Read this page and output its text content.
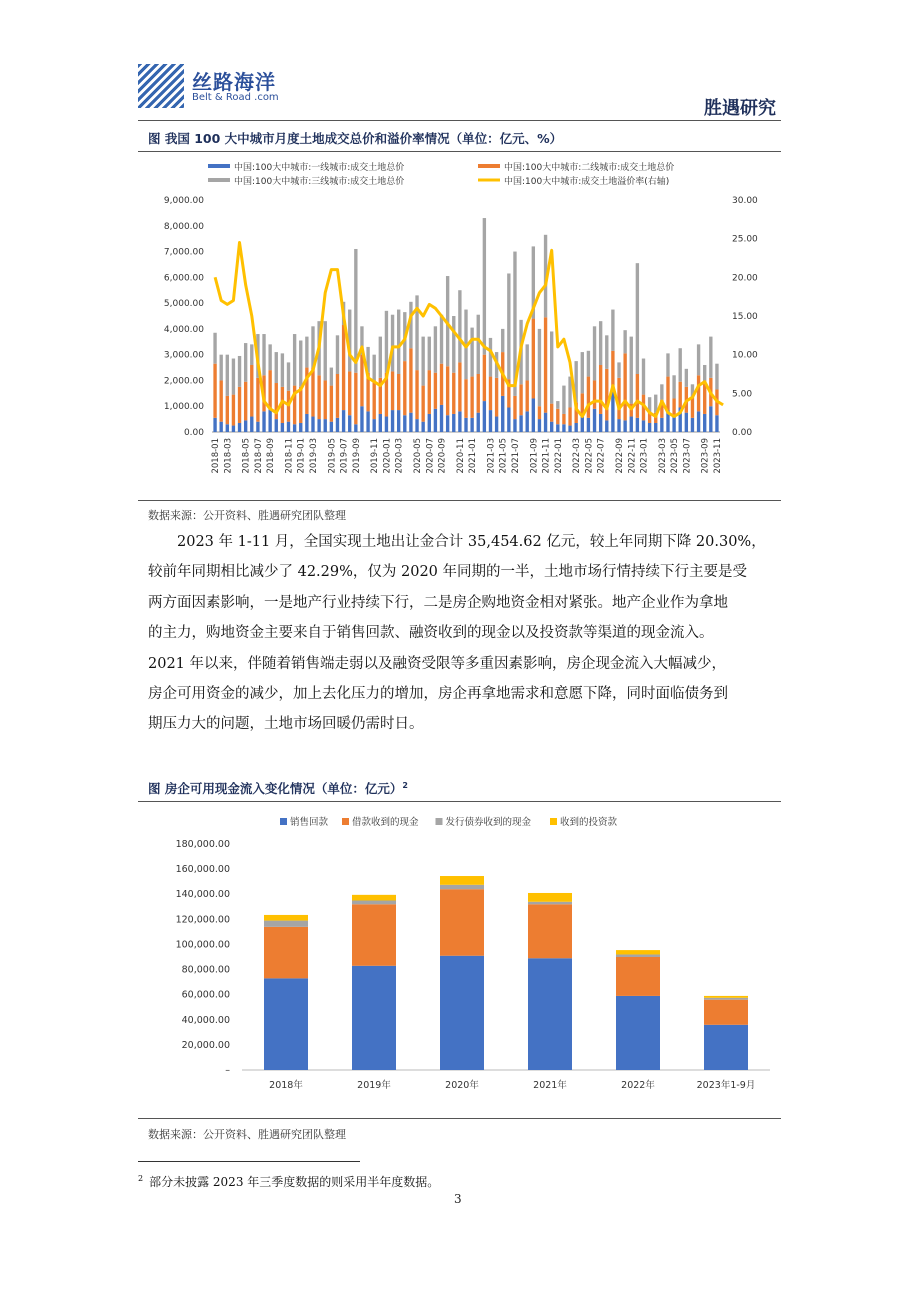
丝路海洋
Belt & Road .com
胜遇研究
图 我国 100 大中城市月度土地成交总价和溢价率情况（单位：亿元、%）
中国:100大中城市:一线城市:成交土地总价	中国:100大中城市:二线城市:成交土地总价
中国:100大中城市:三线城市:成交土地总价	中国:100大中城市:成交土地溢价率(右轴)
9,000.00
8,000.00
7,000.00
6,000.00
5,000.00
4,000.00
3,000.00
2,000.00
1,000.00
0.00
30.00
25.00
20.00
15.00
10.00
5.00
0.00
2018-01 2018-03 2018-05 2018-07 2018-09 2018-11 2019-01 2019-03 2019-05 2019-07 2019-09 2019-11 2020-01 2020-03 2020-05 2020-07 2020-09 2020-11 2021-01 2021-03 2021-05 2021-07 2021-09 2021-11 2022-01 2022-03 2022-05 2022-07 2022-09 2022-11 2023-01 2023-03 2023-05 2023-07 2023-09 2023-11
数据来源：公开资料、胜遇研究团队整理

2023 年 1-11 月，全国实现土地出让金合计 35,454.62 亿元，较上年同期下降 20.30%，

较前年同期相比减少了 42.29%，仅为 2020 年同期的一半，土地市场行情持续下行主要是受

两方面因素影响，一是地产行业持续下行，二是房企购地资金相对紧张。地产企业作为拿地

的主力，购地资金主要来自于销售回款、融资收到的现金以及投资款等渠道的现金流入。

2021 年以来，伴随着销售端走弱以及融资受限等多重因素影响，房企现金流入大幅减少，

房企可用资金的减少，加上去化压力的增加，房企再拿地需求和意愿下降，同时面临债务到

期压力大的问题，土地市场回暖仍需时日。

图 房企可用现金流入变化情况（单位：亿元）$^2$
销售回款	借款收到的现金	发行债券收到的现金	收到的投资款
180,000.00
160,000.00
140,000.00
120,000.00
100,000.00
80,000.00
60,000.00
40,000.00
20,000.00
–
2018年	2019年	2020年	2021年	2022年	2023年1-9月
数据来源：公开资料、胜遇研究团队整理
$^2$ 部分未披露 2023 年三季度数据的则采用半年度数据。
3
